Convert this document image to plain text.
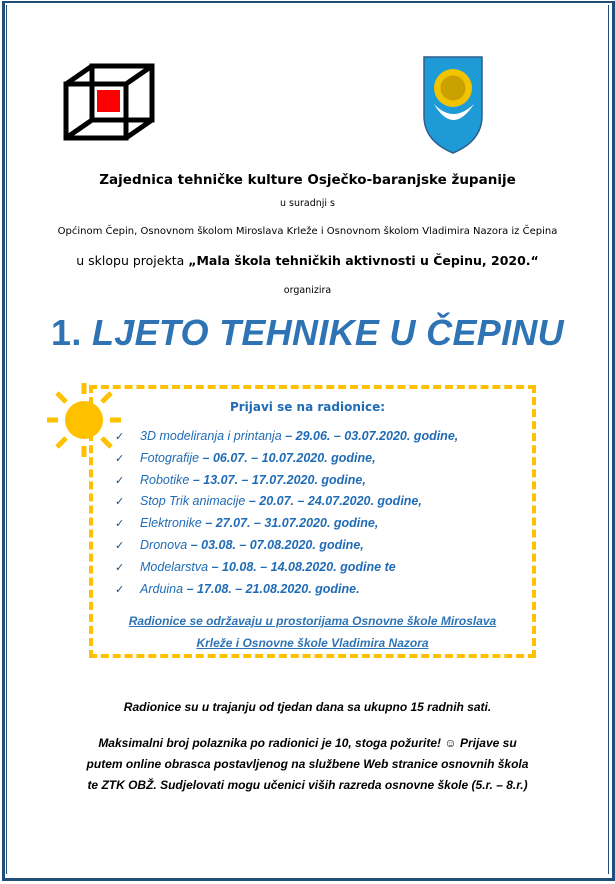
Zajednica tehničke kulture Osječko-baranjske županije
u suradnji s
Općinom Čepin, Osnovnom školom Miroslava Krleže i Osnovnom školom Vladimira Nazora iz Čepina
u sklopu projekta „Mala škola tehničkih aktivnosti u Čepinu, 2020.“
organizira
1. LJETO TEHNIKE U ČEPINU
Prijavi se na radionice:
✓ 3D modeliranja i printanja – 29.06. – 03.07.2020. godine,
✓ Fotografije – 06.07. – 10.07.2020. godine,
✓ Robotike – 13.07. – 17.07.2020. godine,
✓ Stop Trik animacije – 20.07. – 24.07.2020. godine,
✓ Elektronike – 27.07. – 31.07.2020. godine,
✓ Dronova – 03.08. – 07.08.2020. godine,
✓ Modelarstva – 10.08. – 14.08.2020. godine te
✓ Arduina – 17.08. – 21.08.2020. godine.
Radionice se održavaju u prostorijama Osnovne škole Miroslava
Krleže i Osnovne škole Vladimira Nazora
Radionice su u trajanju od tjedan dana sa ukupno 15 radnih sati.
Maksimalni broj polaznika po radionici je 10, stoga požurite! ☺ Prijave su
putem online obrasca postavljenog na službene Web stranice osnovnih škola
te ZTK OBŽ. Sudjelovati mogu učenici viših razreda osnovne škole (5.r. – 8.r.)
